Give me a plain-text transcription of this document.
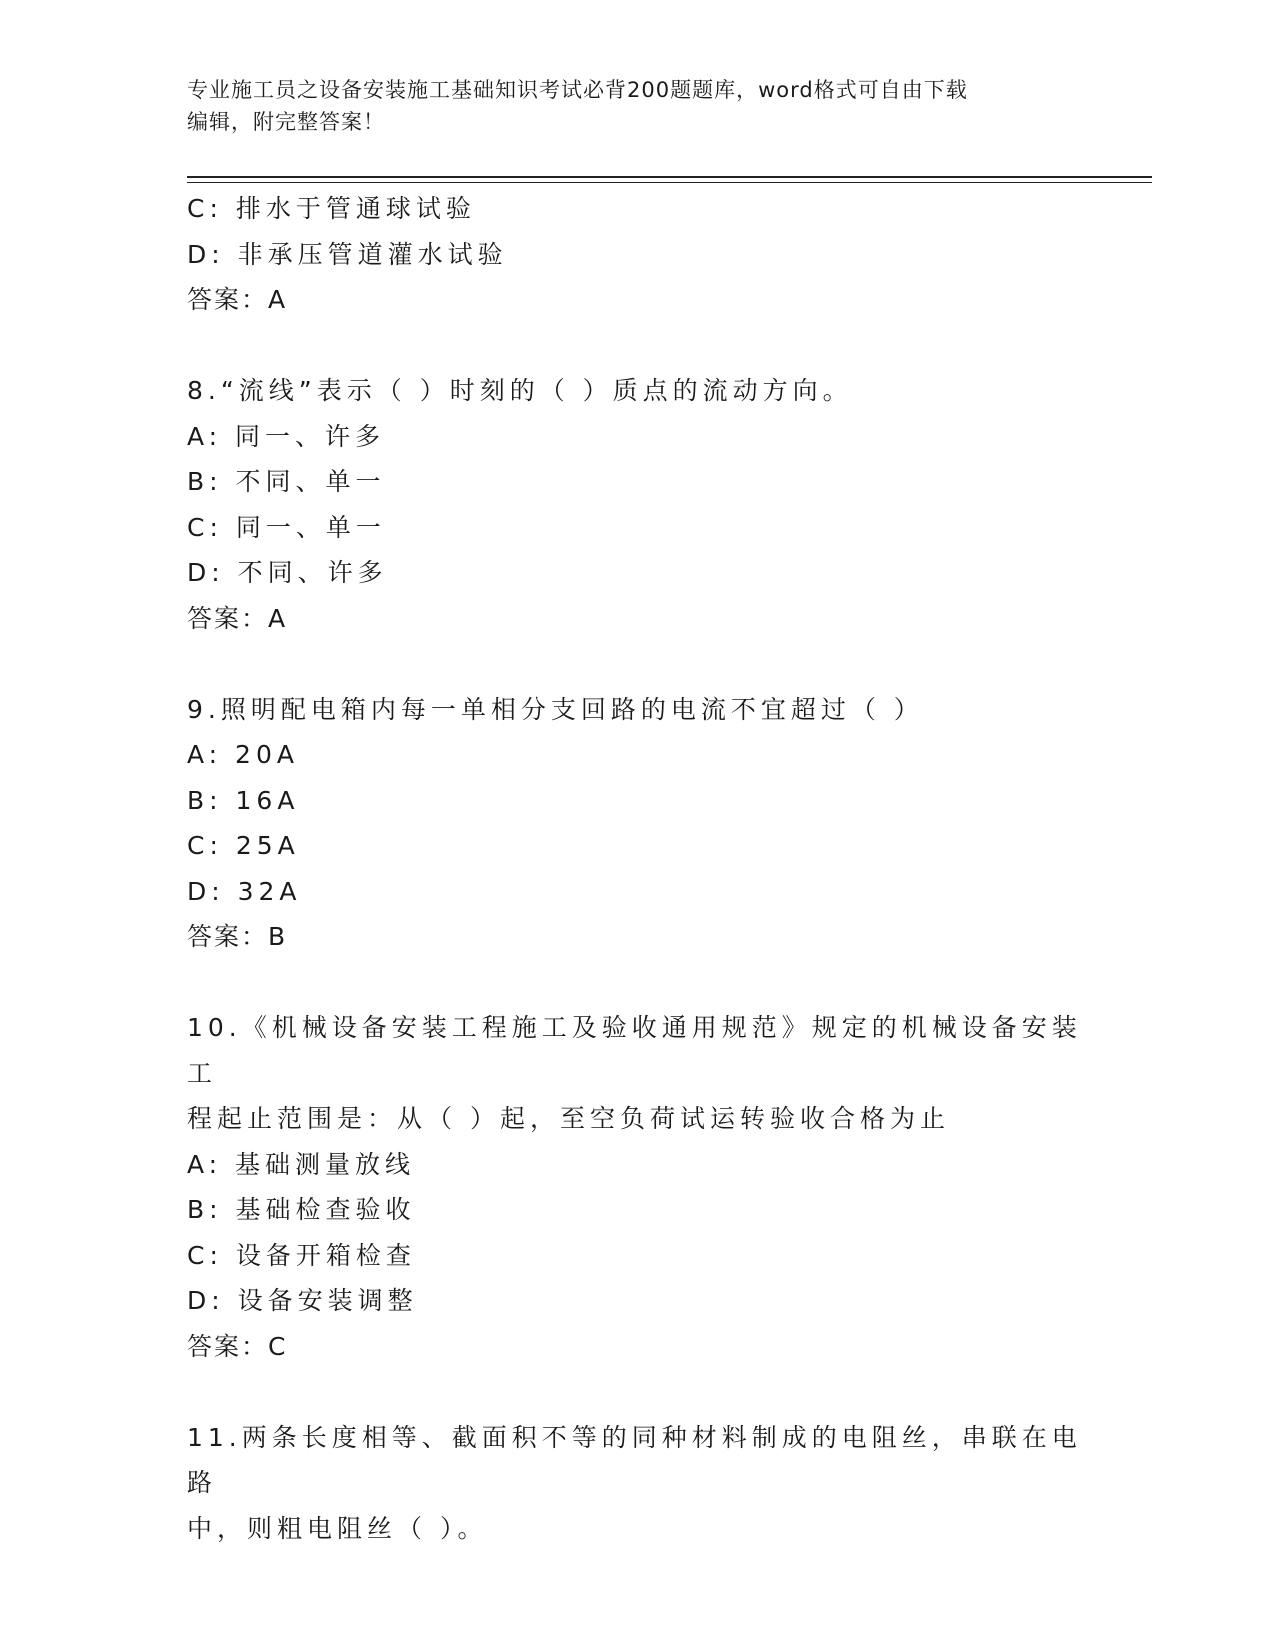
专业施工员之设备安装施工基础知识考试必背200题题库，word格式可自由下载
编辑，附完整答案！
C: 排水于管通球试验
D: 非承压管道灌水试验
答案：A
8.“流线”表示（ ）时刻的（ ）质点的流动方向。
A: 同一、许多
B: 不同、单一
C: 同一、单一
D: 不同、许多
答案：A
9.照明配电箱内每一单相分支回路的电流不宜超过（ ）
A: 20A
B: 16A
C: 25A
D: 32A
答案：B
10.《机械设备安装工程施工及验收通用规范》规定的机械设备安装工
程起止范围是：从（ ）起，至空负荷试运转验收合格为止
A: 基础测量放线
B: 基础检查验收
C: 设备开箱检查
D: 设备安装调整
答案：C
11.两条长度相等、截面积不等的同种材料制成的电阻丝，串联在电路
中，则粗电阻丝（ ）。
